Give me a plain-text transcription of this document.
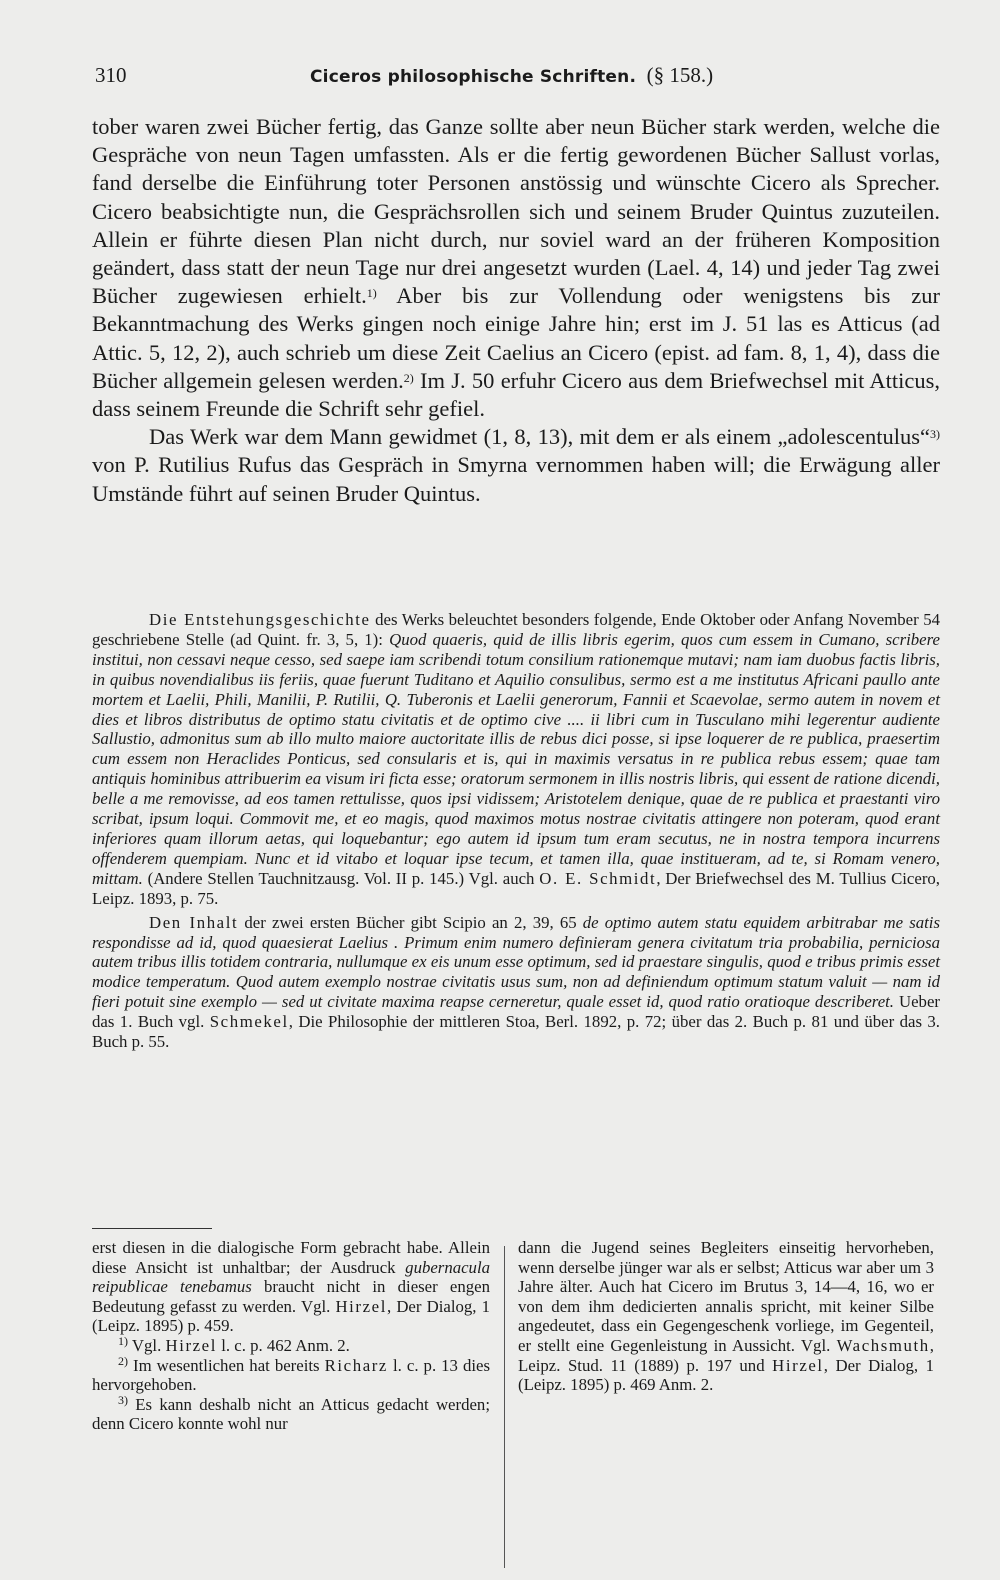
310	Ciceros philosophische Schriften. (§ 158.)

tober waren zwei Bücher fertig, das Ganze sollte aber neun Bücher stark werden, welche die Gespräche von neun Tagen umfassten. Als er die fertig gewordenen Bücher Sallust vorlas, fand derselbe die Einführung toter Personen anstössig und wünschte Cicero als Sprecher. Cicero beabsichtigte nun, die Gesprächsrollen sich und seinem Bruder Quintus zuzuteilen. Allein er führte diesen Plan nicht durch, nur soviel ward an der früheren Komposition geändert, dass statt der neun Tage nur drei angesetzt wurden (Lael. 4, 14) und jeder Tag zwei Bücher zugewiesen erhielt.$^{1)}$ Aber bis zur Vollendung oder wenigstens bis zur Bekanntmachung des Werks gingen noch einige Jahre hin; erst im J. 51 las es Atticus (ad Attic. 5, 12, 2), auch schrieb um diese Zeit Caelius an Cicero (epist. ad fam. 8, 1, 4), dass die Bücher allgemein gelesen werden.$^{2)}$ Im J. 50 erfuhr Cicero aus dem Briefwechsel mit Atticus, dass seinem Freunde die Schrift sehr gefiel.

Das Werk war dem Mann gewidmet (1, 8, 13), mit dem er als einem „adolescentulus“$^{3)}$ von P. Rutilius Rufus das Gespräch in Smyrna vernommen haben will; die Erwägung aller Umstände führt auf seinen Bruder Quintus.

Die Entstehungsgeschichte des Werks beleuchtet besonders folgende, Ende Oktober oder Anfang November 54 geschriebene Stelle (ad Quint. fr. 3, 5, 1): Quod quaeris, quid de illis libris egerim, quos cum essem in Cumano, scribere institui, non cessavi neque cesso, sed saepe iam scribendi totum consilium rationemque mutavi; nam iam duobus factis libris, in quibus novendialibus iis feriis, quae fuerunt Tuditano et Aquilio consulibus, sermo est a me institutus Africani paullo ante mortem et Laelii, Phili, Manilii, P. Rutilii, Q. Tuberonis et Laelii generorum, Fannii et Scaevolae, sermo autem in novem et dies et libros distributus de optimo statu civitatis et de optimo cive .... ii libri cum in Tusculano mihi legerentur audiente Sallustio, admonitus sum ab illo multo maiore auctoritate illis de rebus dici posse, si ipse loquerer de re publica, praesertim cum essem non Heraclides Ponticus, sed consularis et is, qui in maximis versatus in re publica rebus essem; quae tam antiquis hominibus attribuerim ea visum iri ficta esse; oratorum sermonem in illis nostris libris, qui essent de ratione dicendi, belle a me removisse, ad eos tamen rettulisse, quos ipsi vidissem; Aristotelem denique, quae de re publica et praestanti viro scribat, ipsum loqui. Commovit me, et eo magis, quod maximos motus nostrae civitatis attingere non poteram, quod erant inferiores quam illorum aetas, qui loquebantur; ego autem id ipsum tum eram secutus, ne in nostra tempora incurrens offenderem quempiam. Nunc et id vitabo et loquar ipse tecum, et tamen illa, quae institueram, ad te, si Romam venero, mittam. (Andere Stellen Tauchnitzausg. Vol. II p. 145.) Vgl. auch O. E. Schmidt, Der Briefwechsel des M. Tullius Cicero, Leipz. 1893, p. 75.

Den Inhalt der zwei ersten Bücher gibt Scipio an 2, 39, 65 de optimo autem statu equidem arbitrabar me satis respondisse ad id, quod quaesierat Laelius . Primum enim numero definieram genera civitatum tria probabilia, perniciosa autem tribus illis totidem contraria, nullumque ex eis unum esse optimum, sed id praestare singulis, quod e tribus primis esset modice temperatum. Quod autem exemplo nostrae civitatis usus sum, non ad definiendum optimum statum valuit — nam id fieri potuit sine exemplo — sed ut civitate maxima reapse cerneretur, quale esset id, quod ratio oratioque describeret. Ueber das 1. Buch vgl. Schmekel, Die Philosophie der mittleren Stoa, Berl. 1892, p. 72; über das 2. Buch p. 81 und über das 3. Buch p. 55.

erst diesen in die dialogische Form gebracht habe. Allein diese Ansicht ist unhaltbar; der Ausdruck gubernacula reipublicae tenebamus braucht nicht in dieser engen Bedeutung gefasst zu werden. Vgl. Hirzel, Der Dialog, 1 (Leipz. 1895) p. 459.

$^{1)}$ Vgl. Hirzel l. c. p. 462 Anm. 2.

$^{2)}$ Im wesentlichen hat bereits Richarz l. c. p. 13 dies hervorgehoben.

$^{3)}$ Es kann deshalb nicht an Atticus gedacht werden; denn Cicero konnte wohl nur

dann die Jugend seines Begleiters einseitig hervorheben, wenn derselbe jünger war als er selbst; Atticus war aber um 3 Jahre älter. Auch hat Cicero im Brutus 3, 14—4, 16, wo er von dem ihm dedicierten annalis spricht, mit keiner Silbe angedeutet, dass ein Gegengeschenk vorliege, im Gegenteil, er stellt eine Gegenleistung in Aussicht. Vgl. Wachsmuth, Leipz. Stud. 11 (1889) p. 197 und Hirzel, Der Dialog, 1 (Leipz. 1895) p. 469 Anm. 2.
